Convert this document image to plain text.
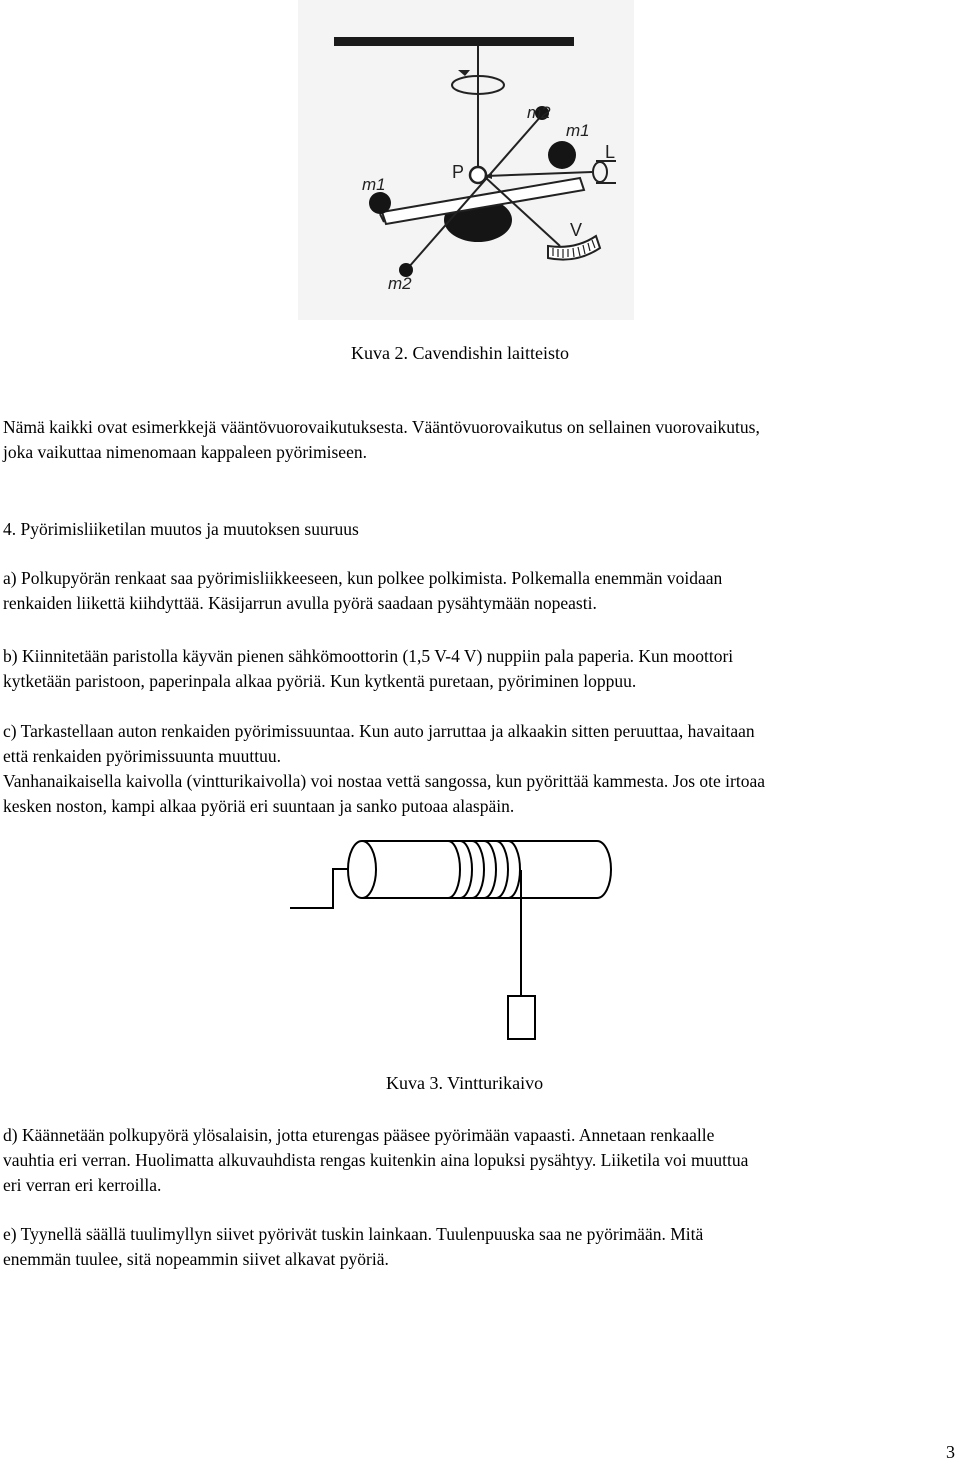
m2
m1
m1
m2
P
L
V
Kuva 2. Cavendishin laitteisto
Nämä kaikki ovat esimerkkejä vääntövuorovaikutuksesta. Vääntövuorovaikutus on sellainen vuorovaikutus,
joka vaikuttaa nimenomaan kappaleen pyörimiseen.
4. Pyörimisliiketilan muutos ja muutoksen suuruus
a) Polkupyörän renkaat saa pyörimisliikkeeseen, kun polkee polkimista. Polkemalla enemmän voidaan
renkaiden liikettä kiihdyttää. Käsijarrun avulla pyörä saadaan pysähtymään nopeasti.
b) Kiinnitetään paristolla käyvän pienen sähkömoottorin (1,5 V-4 V) nuppiin pala paperia. Kun moottori
kytketään paristoon, paperinpala alkaa pyöriä. Kun kytkentä puretaan, pyöriminen loppuu.
c) Tarkastellaan auton renkaiden pyörimissuuntaa. Kun auto jarruttaa ja alkaakin sitten peruuttaa, havaitaan
että renkaiden pyörimissuunta muuttuu.
Vanhanaikaisella kaivolla (vintturikaivolla) voi nostaa vettä sangossa, kun pyörittää kammesta. Jos ote irtoaa
kesken noston, kampi alkaa pyöriä eri suuntaan ja sanko putoaa alaspäin.
Kuva 3. Vintturikaivo
d) Käännetään polkupyörä ylösalaisin, jotta eturengas pääsee pyörimään vapaasti. Annetaan renkaalle
vauhtia eri verran. Huolimatta alkuvauhdista rengas kuitenkin aina lopuksi pysähtyy. Liiketila voi muuttua
eri verran eri kerroilla.
e) Tyynellä säällä tuulimyllyn siivet pyörivät tuskin lainkaan. Tuulenpuuska saa ne pyörimään. Mitä
enemmän tuulee, sitä nopeammin siivet alkavat pyöriä.
3
